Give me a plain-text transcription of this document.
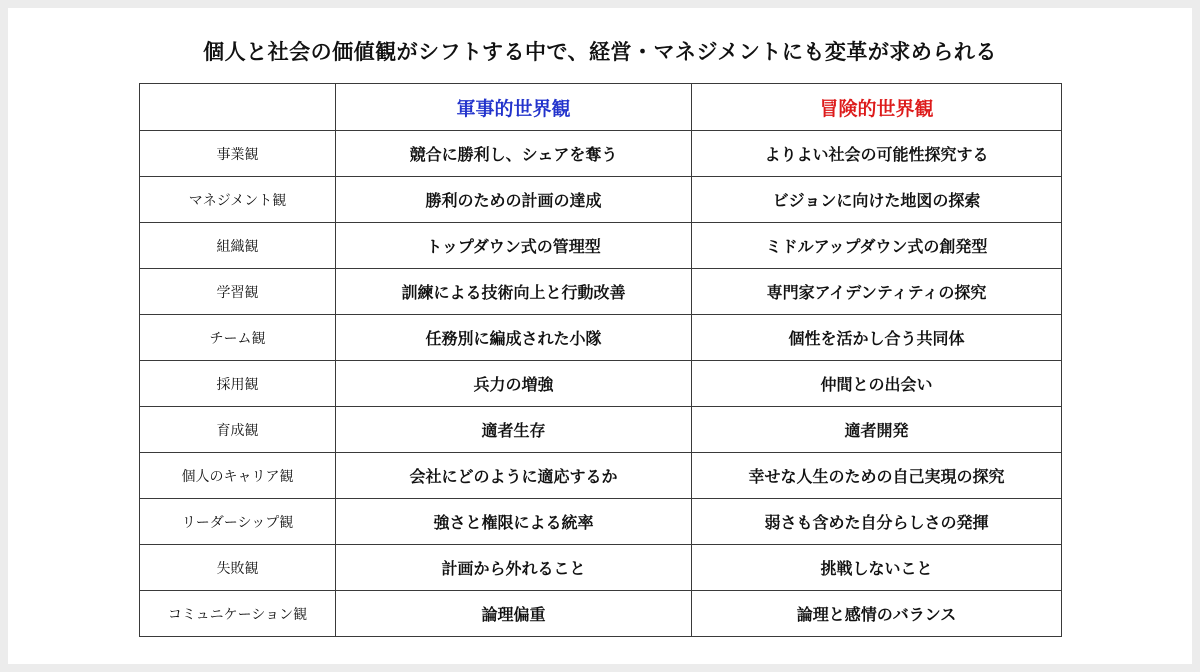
個人と社会の価値観がシフトする中で、経営・マネジメントにも変革が求められる
	軍事的世界観	冒険的世界観
事業観	競合に勝利し、シェアを奪う	よりよい社会の可能性探究する
マネジメント観	勝利のための計画の達成	ビジョンに向けた地図の探索
組織観	トップダウン式の管理型	ミドルアップダウン式の創発型
学習観	訓練による技術向上と行動改善	専門家アイデンティティの探究
チーム観	任務別に編成された小隊	個性を活かし合う共同体
採用観	兵力の増強	仲間との出会い
育成観	適者生存	適者開発
個人のキャリア観	会社にどのように適応するか	幸せな人生のための自己実現の探究
リーダーシップ観	強さと権限による統率	弱さも含めた自分らしさの発揮
失敗観	計画から外れること	挑戦しないこと
コミュニケーション観	論理偏重	論理と感情のバランス
